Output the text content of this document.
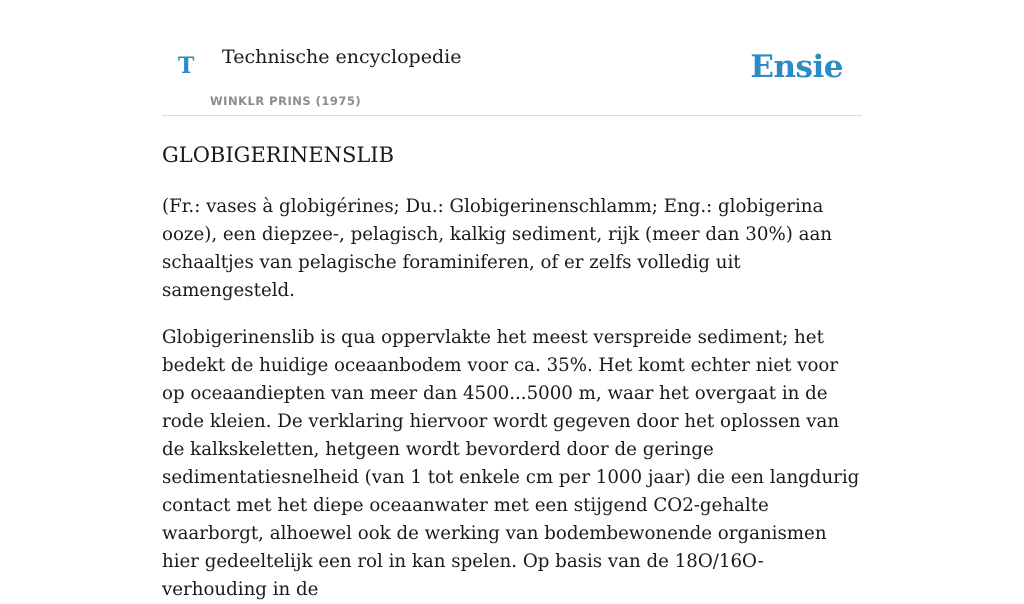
T Technische encyclopedie
WINKLR PRINS (1975)
Ensie
GLOBIGERINENSLIB

(Fr.: vases à globigérines; Du.: Globigerinenschlamm; Eng.: globigerina ooze), een diepzee-, pelagisch, kalkig sediment, rijk (meer dan 30%) aan schaaltjes van pelagische foraminiferen, of er zelfs volledig uit samengesteld.

Globigerinenslib is qua oppervlakte het meest verspreide sediment; het bedekt de huidige oceaanbodem voor ca. 35%. Het komt echter niet voor op oceaandiepten van meer dan 4500...5000 m, waar het overgaat in de rode kleien. De verklaring hiervoor wordt gegeven door het oplossen van de kalkskeletten, hetgeen wordt bevorderd door de geringe sedimentatiesnelheid (van 1 tot enkele cm per 1000 jaar) die een langdurig contact met het diepe oceaanwater met een stijgend CO2-gehalte waarborgt, alhoewel ook de werking van bodembewonende organismen hier gedeeltelijk een rol in kan spelen. Op basis van de 18O/16O-verhouding in de
